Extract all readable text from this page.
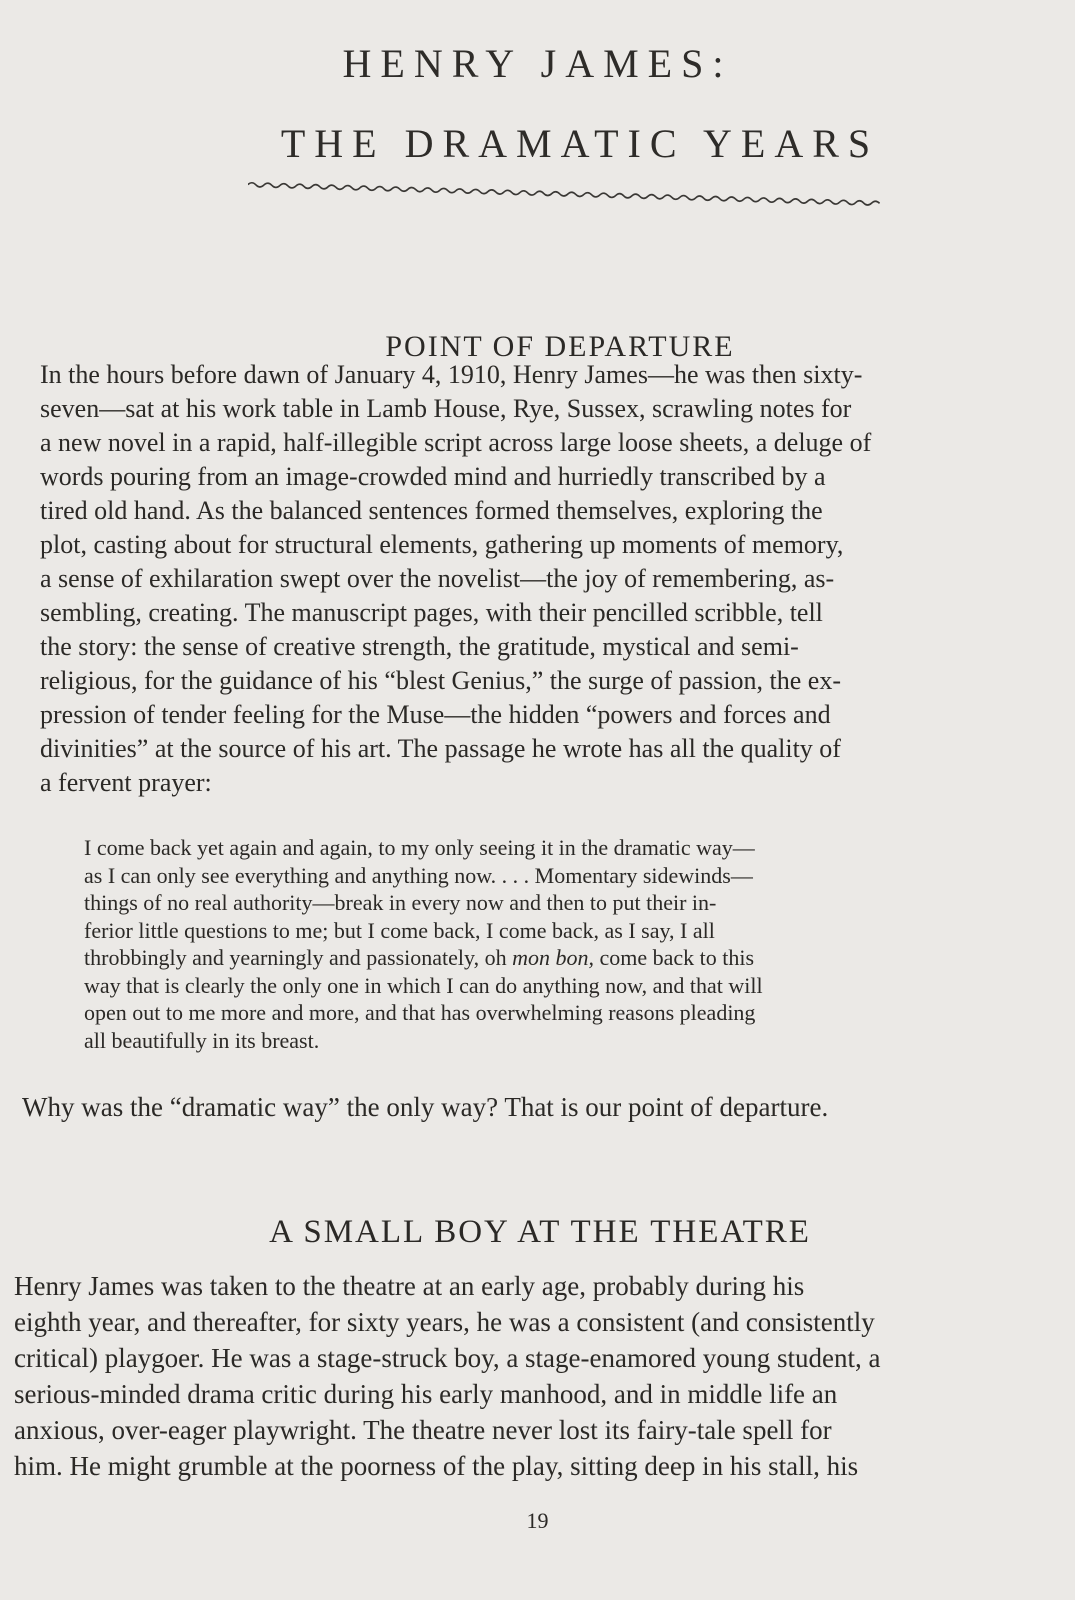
HENRY JAMES:
THE DRAMATIC YEARS
POINT OF DEPARTURE
In the hours before dawn of January 4, 1910, Henry James—he was then sixty-
seven—sat at his work table in Lamb House, Rye, Sussex, scrawling notes for
a new novel in a rapid, half-illegible script across large loose sheets, a deluge of
words pouring from an image-crowded mind and hurriedly transcribed by a
tired old hand. As the balanced sentences formed themselves, exploring the
plot, casting about for structural elements, gathering up moments of memory,
a sense of exhilaration swept over the novelist—the joy of remembering, as-
sembling, creating. The manuscript pages, with their pencilled scribble, tell
the story: the sense of creative strength, the gratitude, mystical and semi-
religious, for the guidance of his “blest Genius,” the surge of passion, the ex-
pression of tender feeling for the Muse—the hidden “powers and forces and
divinities” at the source of his art. The passage he wrote has all the quality of
a fervent prayer:
I come back yet again and again, to my only seeing it in the dramatic way—
as I can only see everything and anything now. . . . Momentary sidewinds—
things of no real authority—break in every now and then to put their in-
ferior little questions to me; but I come back, I come back, as I say, I all
throbbingly and yearningly and passionately, oh mon bon, come back to this
way that is clearly the only one in which I can do anything now, and that will
open out to me more and more, and that has overwhelming reasons pleading
all beautifully in its breast.

Why was the “dramatic way” the only way? That is our point of departure.

A SMALL BOY AT THE THEATRE
Henry James was taken to the theatre at an early age, probably during his
eighth year, and thereafter, for sixty years, he was a consistent (and consistently
critical) playgoer. He was a stage-struck boy, a stage-enamored young student, a
serious-minded drama critic during his early manhood, and in middle life an
anxious, over-eager playwright. The theatre never lost its fairy-tale spell for
him. He might grumble at the poorness of the play, sitting deep in his stall, his

19
